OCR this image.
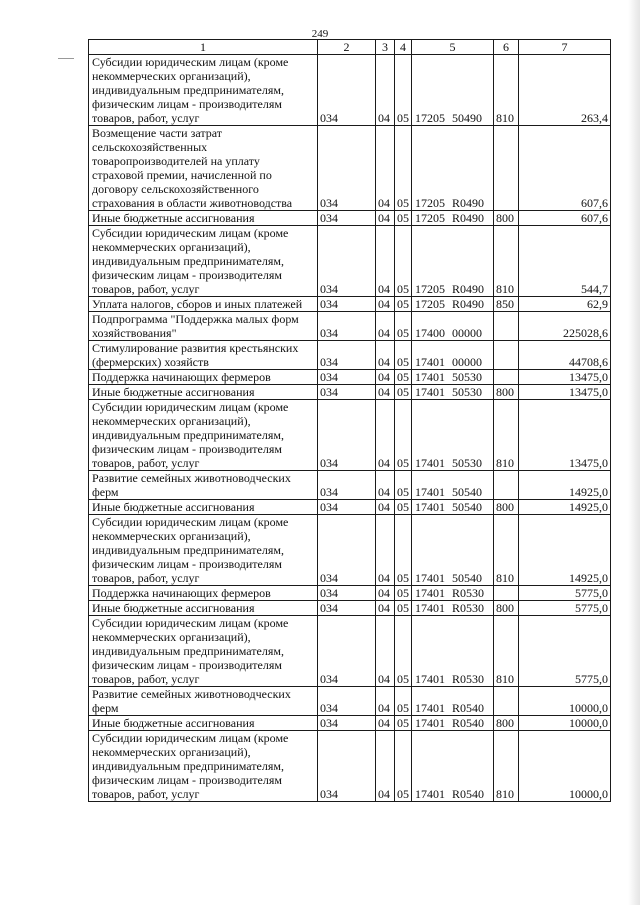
249
1	2	3	4	5	6	7
Субсидии юридическим лицам (кроме некоммерческих организаций), индивидуальным предпринимателям, физическим лицам - производителям товаров, работ, услуг	034	04	05	17205 50490	810	263,4
Возмещение части затрат сельскохозяйственных товаропроизводителей на уплату страховой премии, начисленной по договору сельскохозяйственного страхования в области животноводства	034	04	05	17205 R0490		607,6
Иные бюджетные ассигнования	034	04	05	17205 R0490	800	607,6
Субсидии юридическим лицам (кроме некоммерческих организаций), индивидуальным предпринимателям, физическим лицам - производителям товаров, работ, услуг	034	04	05	17205 R0490	810	544,7
Уплата налогов, сборов и иных платежей	034	04	05	17205 R0490	850	62,9
Подпрограмма "Поддержка малых форм хозяйствования"	034	04	05	17400 00000		225028,6
Стимулирование развития крестьянских (фермерских) хозяйств	034	04	05	17401 00000		44708,6
Поддержка начинающих фермеров	034	04	05	17401 50530		13475,0
Иные бюджетные ассигнования	034	04	05	17401 50530	800	13475,0
Субсидии юридическим лицам (кроме некоммерческих организаций), индивидуальным предпринимателям, физическим лицам - производителям товаров, работ, услуг	034	04	05	17401 50530	810	13475,0
Развитие семейных животноводческих ферм	034	04	05	17401 50540		14925,0
Иные бюджетные ассигнования	034	04	05	17401 50540	800	14925,0
Субсидии юридическим лицам (кроме некоммерческих организаций), индивидуальным предпринимателям, физическим лицам - производителям товаров, работ, услуг	034	04	05	17401 50540	810	14925,0
Поддержка начинающих фермеров	034	04	05	17401 R0530		5775,0
Иные бюджетные ассигнования	034	04	05	17401 R0530	800	5775,0
Субсидии юридическим лицам (кроме некоммерческих организаций), индивидуальным предпринимателям, физическим лицам - производителям товаров, работ, услуг	034	04	05	17401 R0530	810	5775,0
Развитие семейных животноводческих ферм	034	04	05	17401 R0540		10000,0
Иные бюджетные ассигнования	034	04	05	17401 R0540	800	10000,0
Субсидии юридическим лицам (кроме некоммерческих организаций), индивидуальным предпринимателям, физическим лицам - производителям товаров, работ, услуг	034	04	05	17401 R0540	810	10000,0
